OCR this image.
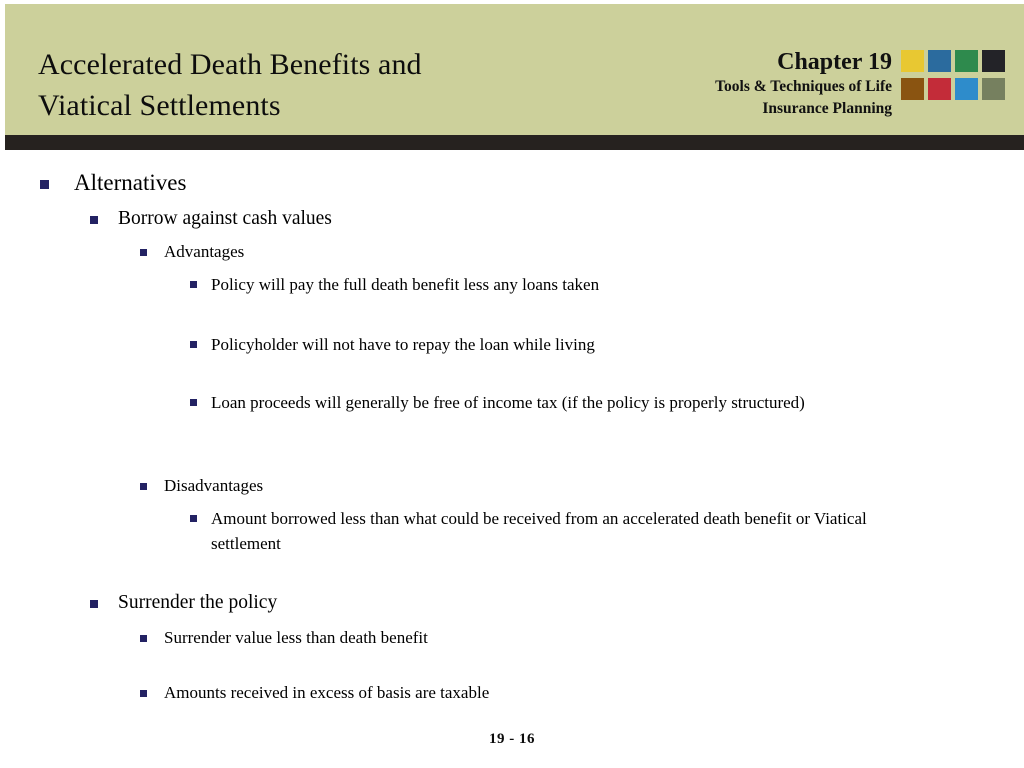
Accelerated Death Benefits and
Viatical Settlements
Chapter 19
Tools & Techniques of Life
Insurance Planning
Alternatives
Borrow against cash values
Advantages
Policy will pay the full death benefit less any loans taken
Policyholder will not have to repay the loan while living
Loan proceeds will generally be free of income tax (if the policy is properly structured)
Disadvantages
Amount borrowed less than what could be received from an accelerated death benefit or Viatical settlement
Surrender the policy
Surrender value less than death benefit
Amounts received in excess of basis are taxable
19 - 16
